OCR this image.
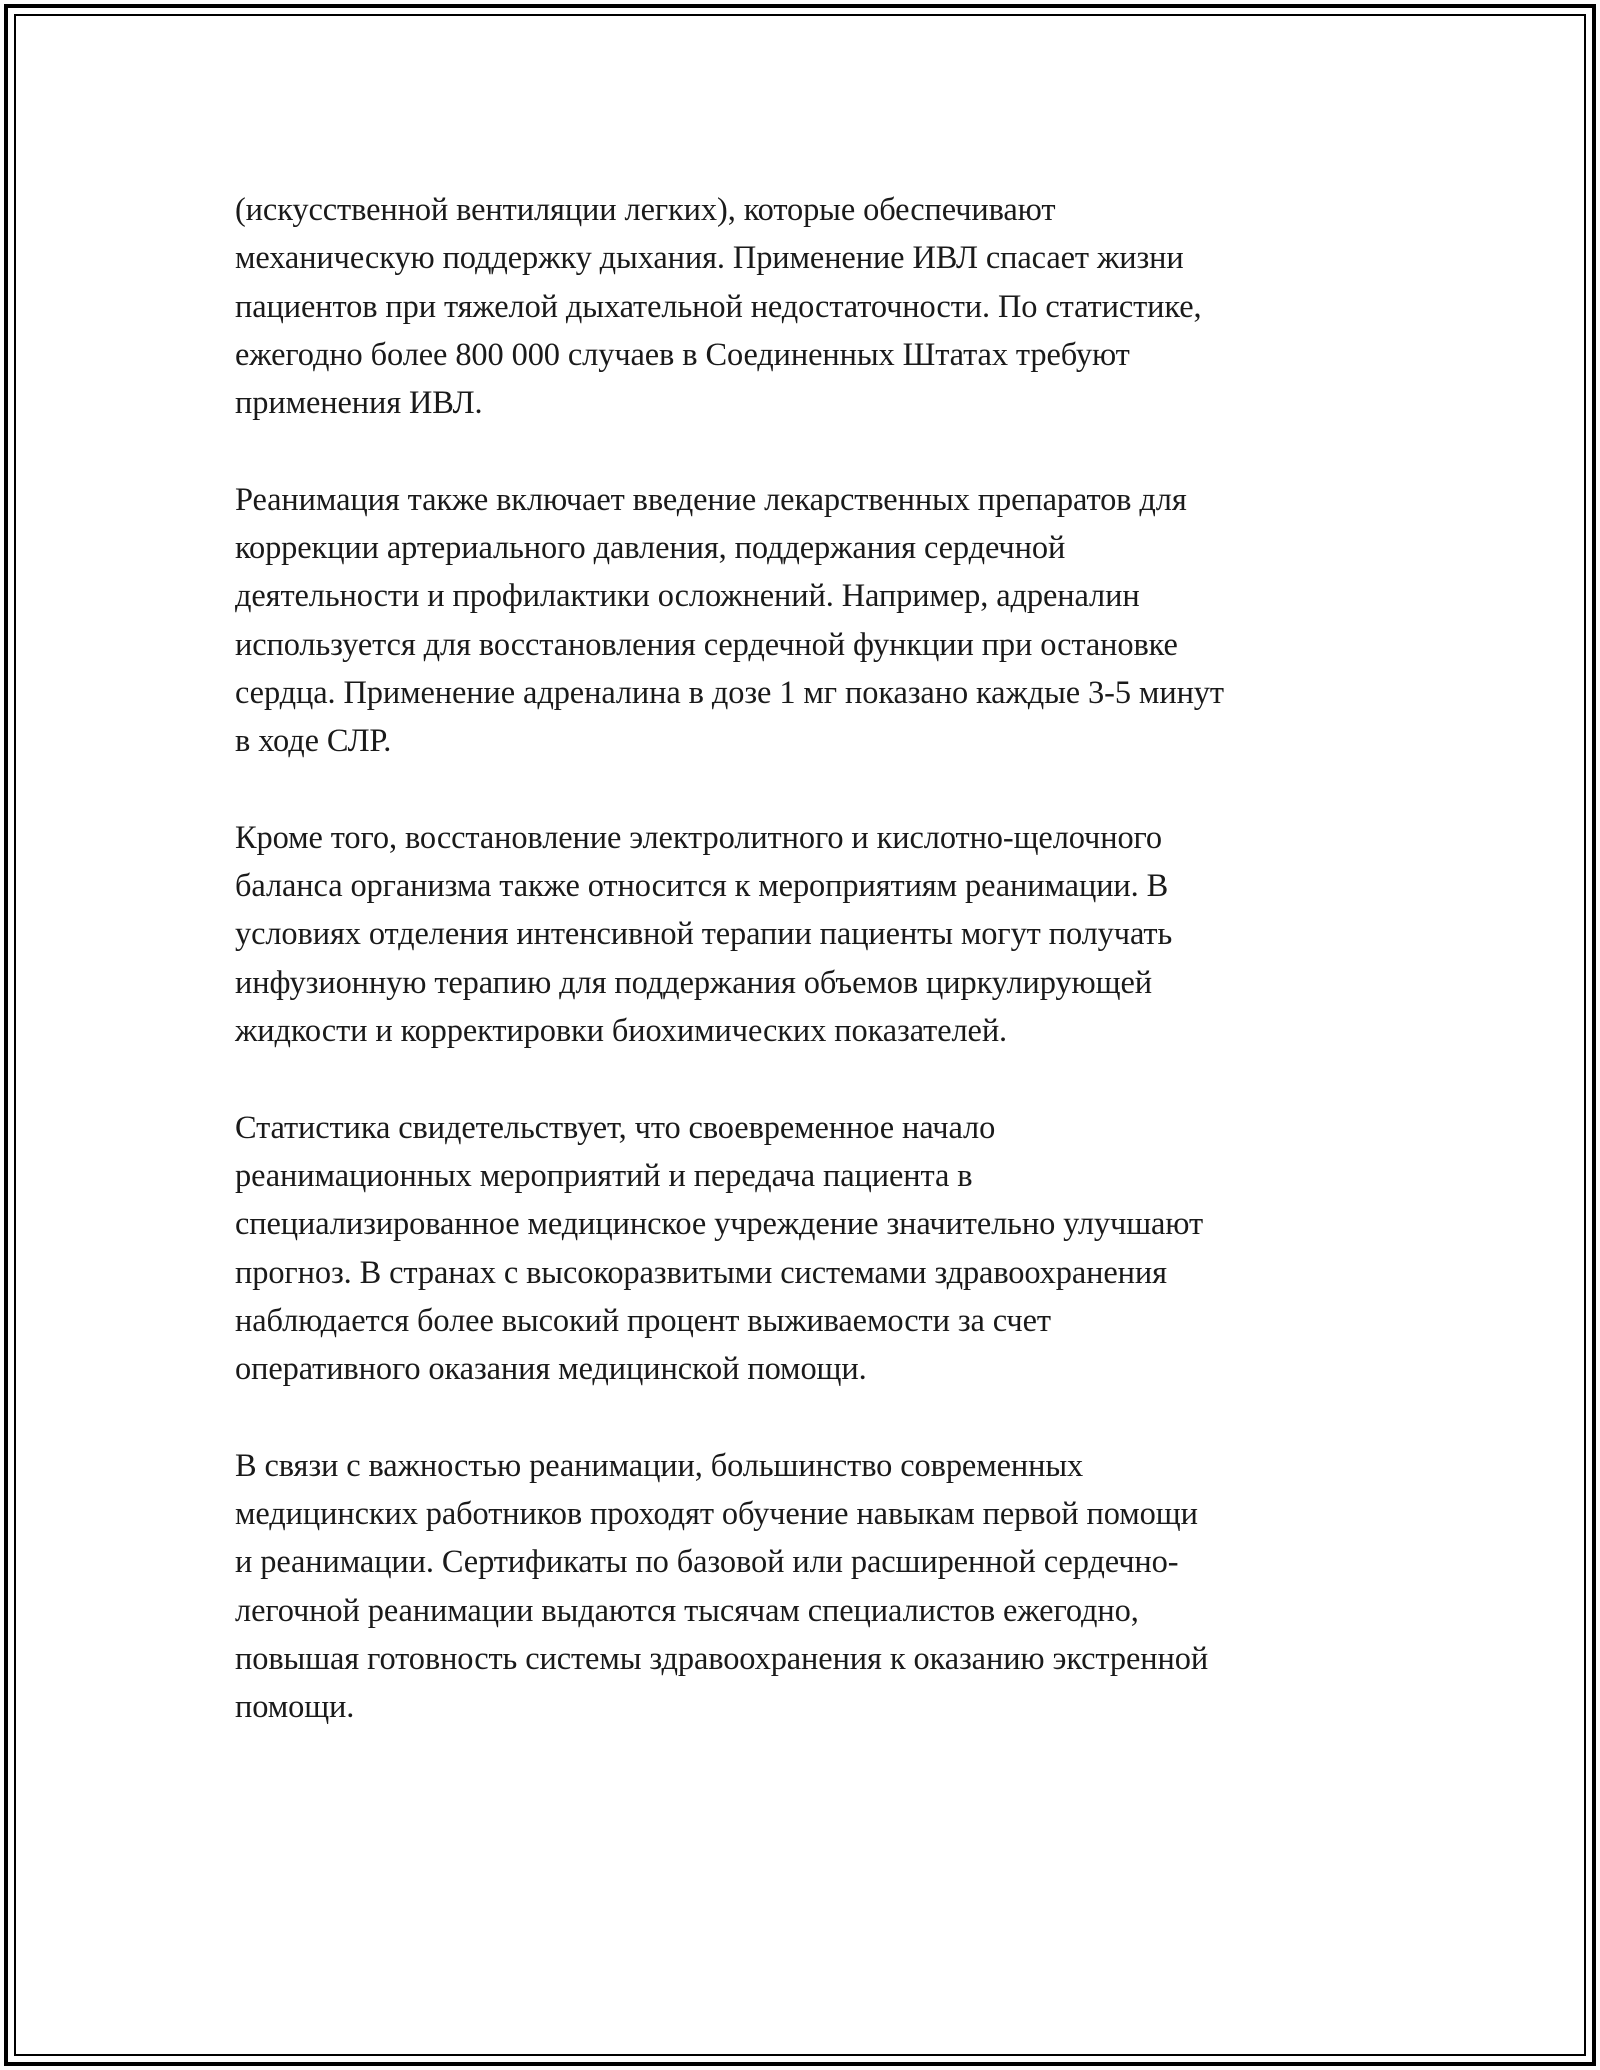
(искусственной вентиляции легких), которые обеспечивают
механическую поддержку дыхания. Применение ИВЛ спасает жизни
пациентов при тяжелой дыхательной недостаточности. По статистике,
ежегодно более 800 000 случаев в Соединенных Штатах требуют
применения ИВЛ.

Реанимация также включает введение лекарственных препаратов для
коррекции артериального давления, поддержания сердечной
деятельности и профилактики осложнений. Например, адреналин
используется для восстановления сердечной функции при остановке
сердца. Применение адреналина в дозе 1 мг показано каждые 3-5 минут
в ходе СЛР.

Кроме того, восстановление электролитного и кислотно-щелочного
баланса организма также относится к мероприятиям реанимации. В
условиях отделения интенсивной терапии пациенты могут получать
инфузионную терапию для поддержания объемов циркулирующей
жидкости и корректировки биохимических показателей.

Статистика свидетельствует, что своевременное начало
реанимационных мероприятий и передача пациента в
специализированное медицинское учреждение значительно улучшают
прогноз. В странах с высокоразвитыми системами здравоохранения
наблюдается более высокий процент выживаемости за счет
оперативного оказания медицинской помощи.

В связи с важностью реанимации, большинство современных
медицинских работников проходят обучение навыкам первой помощи
и реанимации. Сертификаты по базовой или расширенной сердечно-
легочной реанимации выдаются тысячам специалистов ежегодно,
повышая готовность системы здравоохранения к оказанию экстренной
помощи.
